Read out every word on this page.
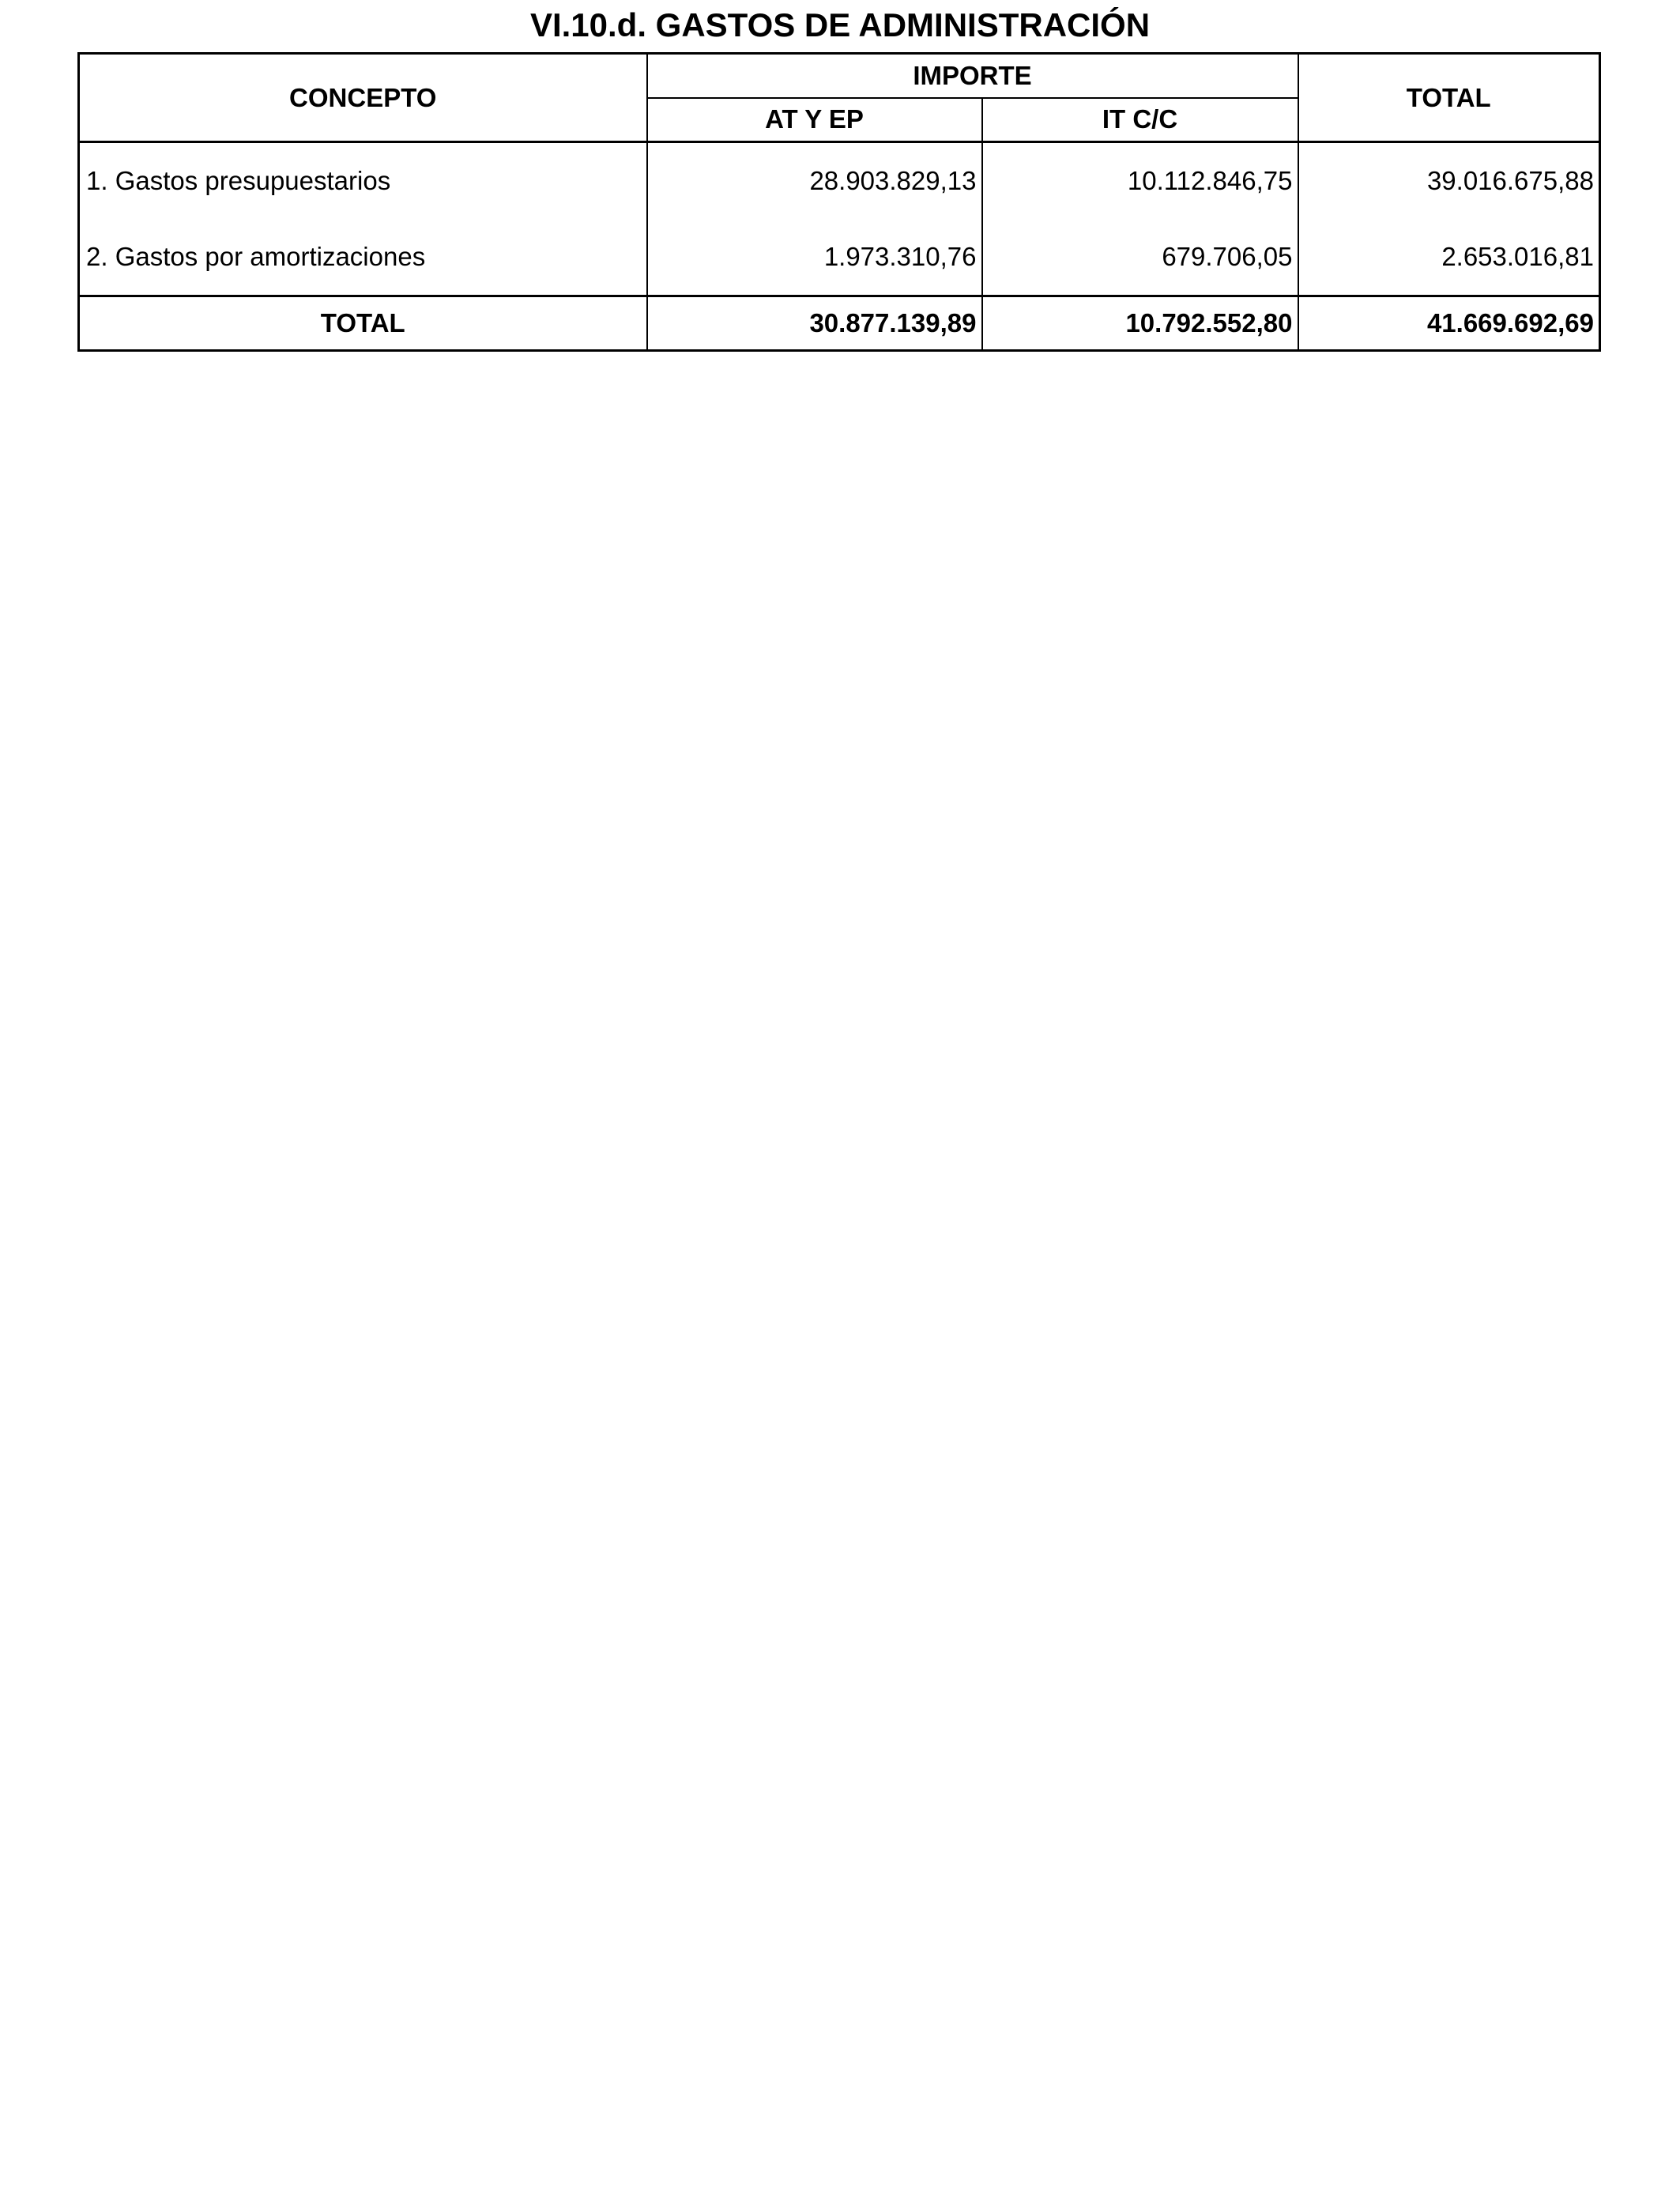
VI.10.d. GASTOS DE ADMINISTRACIÓN
CONCEPTO	IMPORTE		TOTAL
	AT Y EP	IT C/C	
1. Gastos presupuestarios	28.903.829,13	10.112.846,75	39.016.675,88
2. Gastos por amortizaciones	1.973.310,76	679.706,05	2.653.016,81
TOTAL	30.877.139,89	10.792.552,80	41.669.692,69
